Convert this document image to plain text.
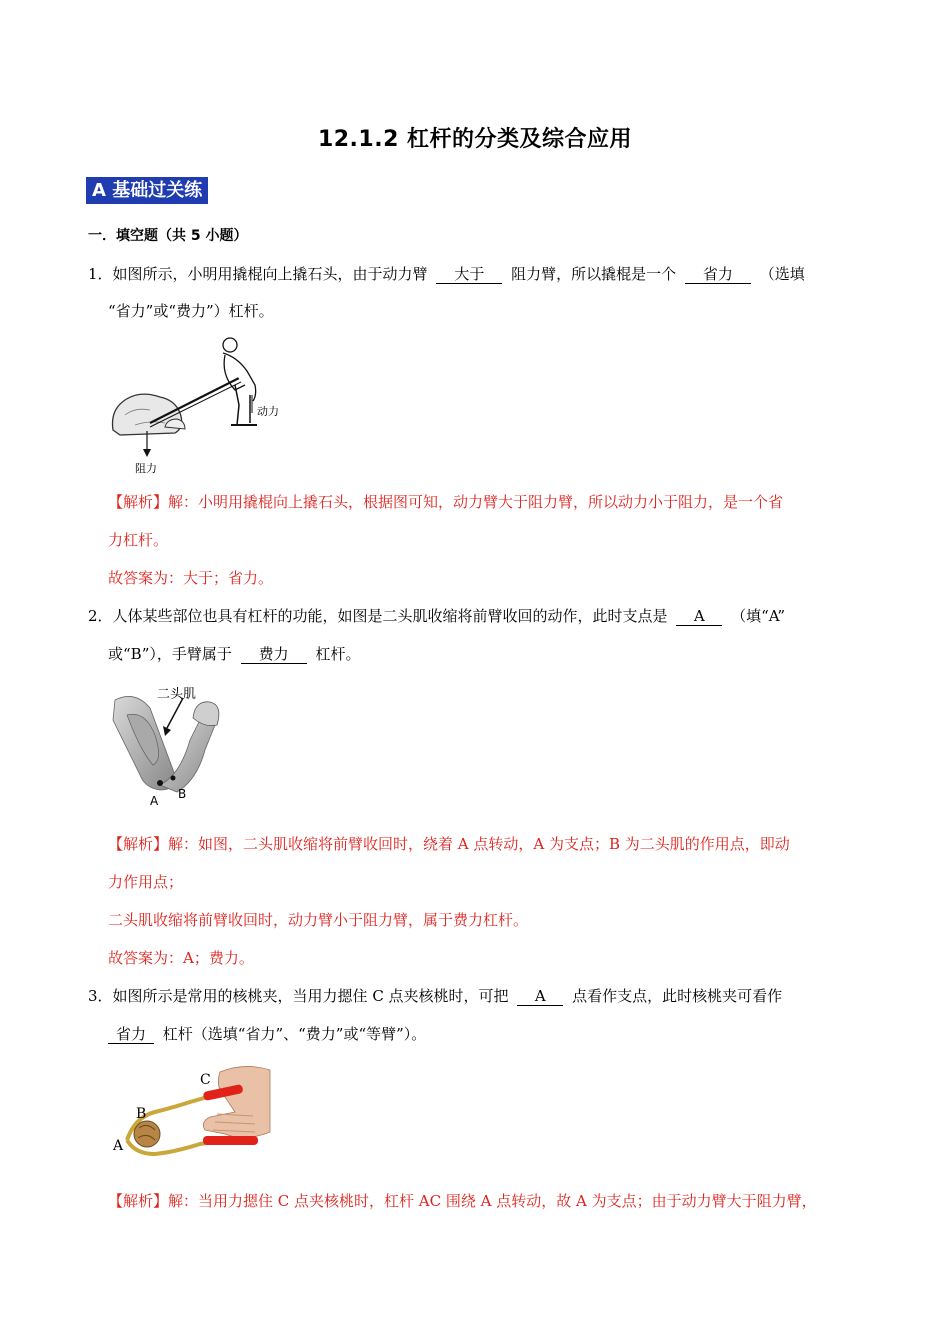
12.1.2 杠杆的分类及综合应用
A 基础过关练
一．填空题（共 5 小题）
1．如图所示，小明用撬棍向上撬石头，由于动力臂 大于 阻力臂，所以撬棍是一个 省力 （选填
“省力”或“费力”）杠杆。
动力
阻力
【解析】解：小明用撬棍向上撬石头，根据图可知，动力臂大于阻力臂，所以动力小于阻力，是一个省
力杠杆。
故答案为：大于；省力。
2．人体某些部位也具有杠杆的功能，如图是二头肌收缩将前臂收回的动作，此时支点是 A （填“A”
或“B”），手臂属于 费力 杠杆。
二头肌
A B
【解析】解：如图，二头肌收缩将前臂收回时，绕着 A 点转动，A 为支点；B 为二头肌的作用点，即动
力作用点；
二头肌收缩将前臂收回时，动力臂小于阻力臂，属于费力杠杆。
故答案为：A；费力。
3．如图所示是常用的核桃夹，当用力摁住 C 点夹核桃时，可把 A 点看作支点，此时核桃夹可看作
省力 杠杆（选填“省力”、“费力”或“等臂”）。
A
B
C
【解析】解：当用力摁住 C 点夹核桃时，杠杆 AC 围绕 A 点转动，故 A 为支点；由于动力臂大于阻力臂，
